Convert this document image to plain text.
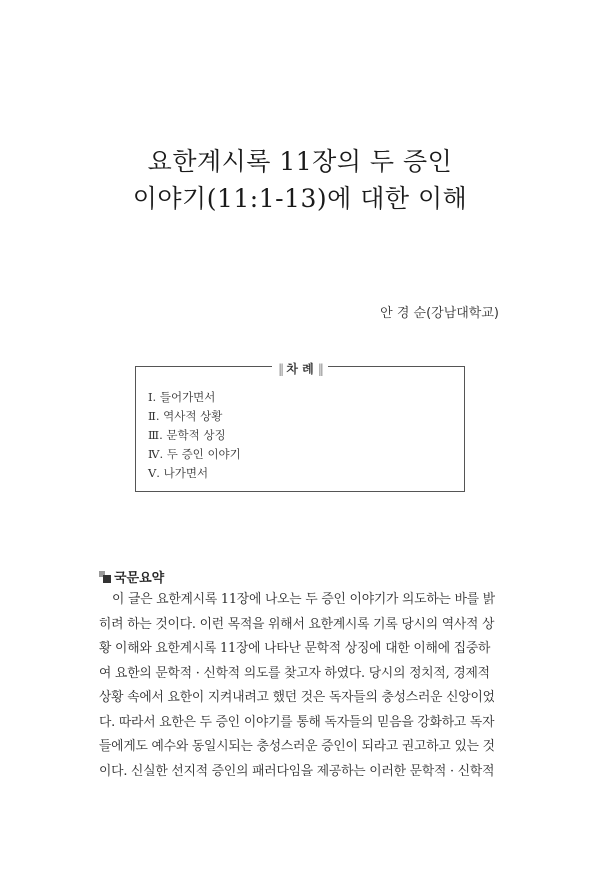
요한계시록 11장의 두 증인
이야기(11:1-13)에 대한 이해
안 경 순(강남대학교)
‖ 차 례 ‖
Ⅰ. 들어가면서
Ⅱ. 역사적 상황
Ⅲ. 문학적 상징
Ⅳ. 두 증인 이야기
Ⅴ. 나가면서
국문요약
이 글은 요한계시록 11장에 나오는 두 증인 이야기가 의도하는 바를 밝
히려 하는 것이다. 이런 목적을 위해서 요한계시록 기록 당시의 역사적 상
황 이해와 요한계시록 11장에 나타난 문학적 상징에 대한 이해에 집중하
여 요한의 문학적 · 신학적 의도를 찾고자 하였다. 당시의 정치적, 경제적
상황 속에서 요한이 지켜내려고 했던 것은 독자들의 충성스러운 신앙이었
다. 따라서 요한은 두 증인 이야기를 통해 독자들의 믿음을 강화하고 독자
들에게도 예수와 동일시되는 충성스러운 증인이 되라고 권고하고 있는 것
이다. 신실한 선지적 증인의 패러다임을 제공하는 이러한 문학적 · 신학적
